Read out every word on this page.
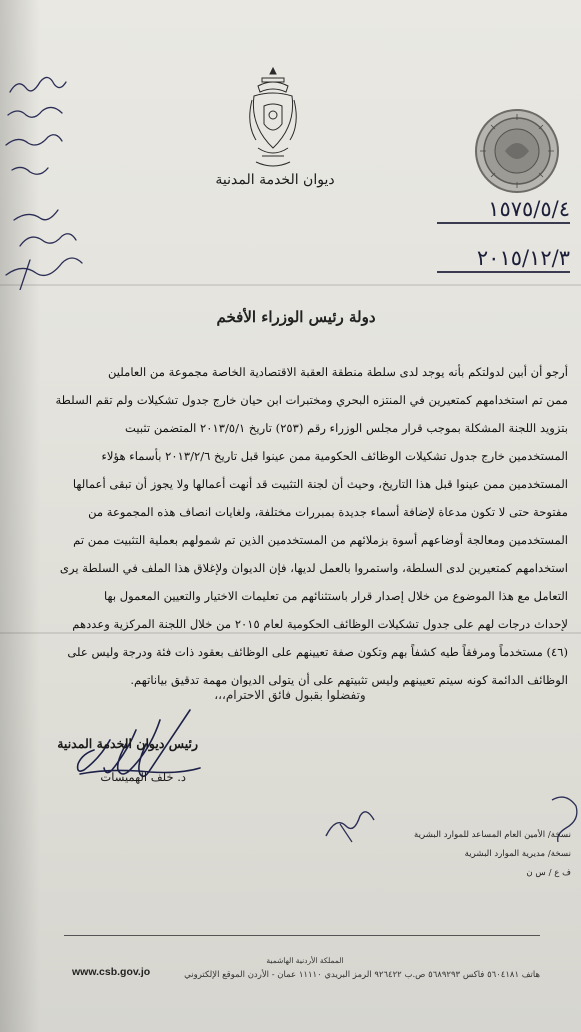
ديوان الخدمة المدنية
١٥٧٥/٥/٤
٢٠١٥/١٢/٣
دولة رئيس الوزراء الأفخم
أرجو أن أبين لدولتكم بأنه يوجد لدى سلطة منطقة العقبة الاقتصادية الخاصة مجموعة من العاملين
ممن تم استخدامهم كمتعيرين في المنتزه البحري ومختبرات ابن حيان خارج جدول تشكيلات ولم تقم السلطة
بتزويد اللجنة المشكلة بموجب قرار مجلس الوزراء رقم (٢٥٣) تاريخ ٢٠١٣/٥/١ المتضمن تثبيت
المستخدمين خارج جدول تشكيلات الوظائف الحكومية ممن عينوا قبل تاريخ ٢٠١٣/٢/٦ بأسماء هؤلاء
المستخدمين ممن عينوا قبل هذا التاريخ، وحيث أن لجنة التثبيت قد أنهت أعمالها ولا يجوز أن تبقى أعمالها
مفتوحة حتى لا تكون مدعاة لإضافة أسماء جديدة بمبررات مختلفة، ولغايات انصاف هذه المجموعة من
المستخدمين ومعالجة أوضاعهم أسوة بزملائهم من المستخدمين الذين تم شمولهم بعملية التثبيت ممن تم
استخدامهم كمتعيرين لدى السلطة، واستمروا بالعمل لديها، فإن الديوان ولإغلاق هذا الملف في السلطة يرى
التعامل مع هذا الموضوع من خلال إصدار قرار باستثنائهم من تعليمات الاختيار والتعيين المعمول بها
لإحداث درجات لهم على جدول تشكيلات الوظائف الحكومية لعام ٢٠١٥ من خلال اللجنة المركزية وعددهم
(٤٦) مستخدماً ومرفقاً طيه كشفاً بهم وتكون صفة تعيينهم على الوظائف بعقود ذات فئة ودرجة وليس على
الوظائف الدائمة كونه سيتم تعيينهم وليس تثبيتهم على أن يتولى الديوان مهمة تدقيق بياناتهم.
وتفضلوا بقبول فائق الاحترام،،،
رئيس ديوان الخدمة المدنية
د. خلف الهميسات
نسخة/ الأمين العام المساعد للموارد البشرية
نسخة/ مديرية الموارد البشرية
ف ع / س ن
المملكة الأردنية الهاشمية
هاتف ٥٦٠٤١٨١ فاكس ٥٦٨٩٢٩٣ ص.ب ٩٢٦٤٢٢ الرمز البريدي ١١١١٠ عمان - الأردن الموقع الإلكتروني
www.csb.gov.jo
